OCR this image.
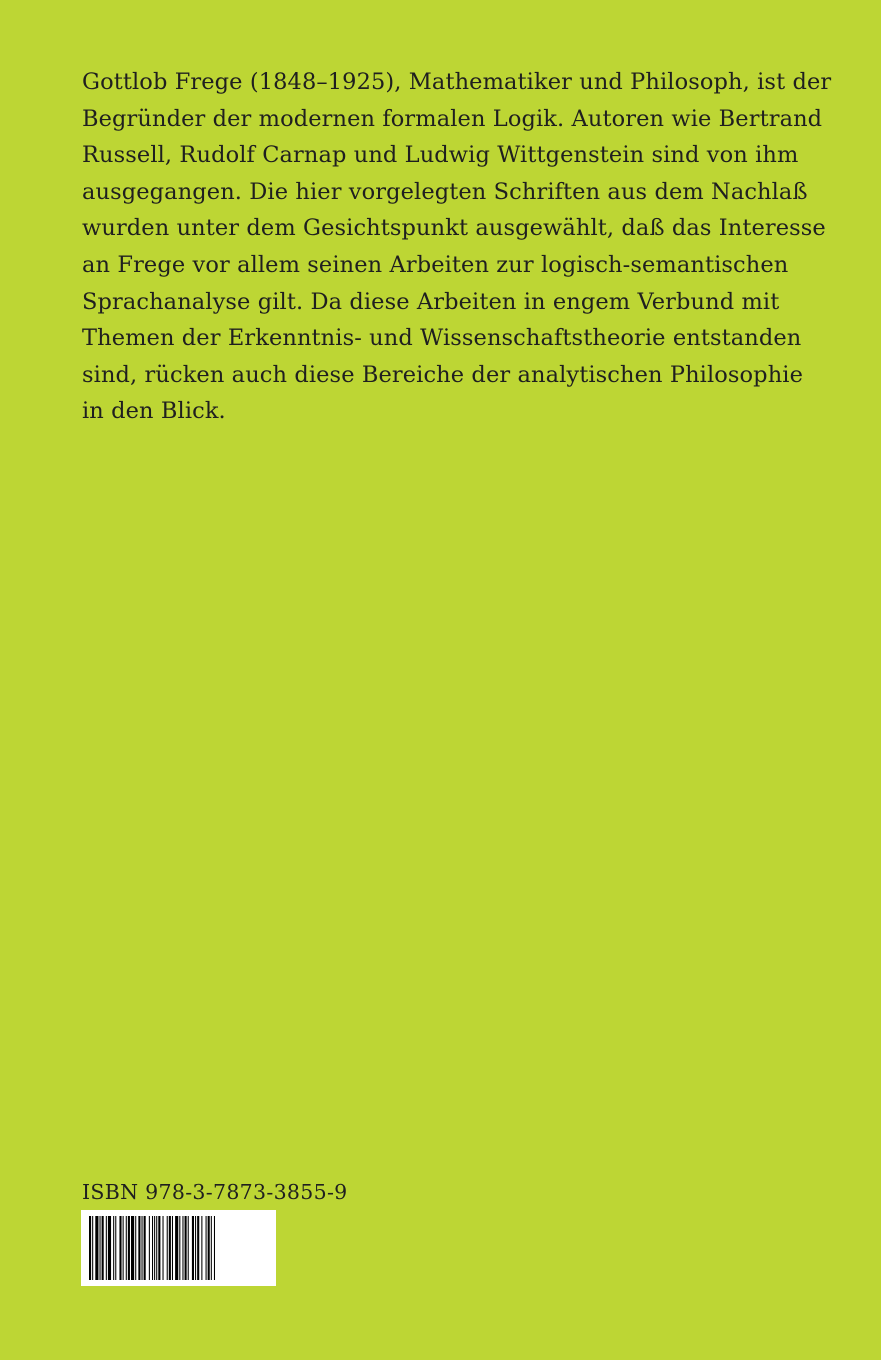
Gottlob Frege (1848–1925), Mathematiker und Philosoph, ist der
Begründer der modernen formalen Logik. Autoren wie Bertrand
Russell, Rudolf Carnap und Ludwig Wittgenstein sind von ihm
ausgegangen. Die hier vorgelegten Schriften aus dem Nachlaß
wurden unter dem Gesichtspunkt ausgewählt, daß das Interesse
an Frege vor allem seinen Arbeiten zur logisch-semantischen
Sprachanalyse gilt. Da diese Arbeiten in engem Verbund mit
Themen der Erkenntnis- und Wissenschaftstheorie entstanden
sind, rücken auch diese Bereiche der analytischen Philosophie
in den Blick.
ISBN 978-3-7873-3855-9
